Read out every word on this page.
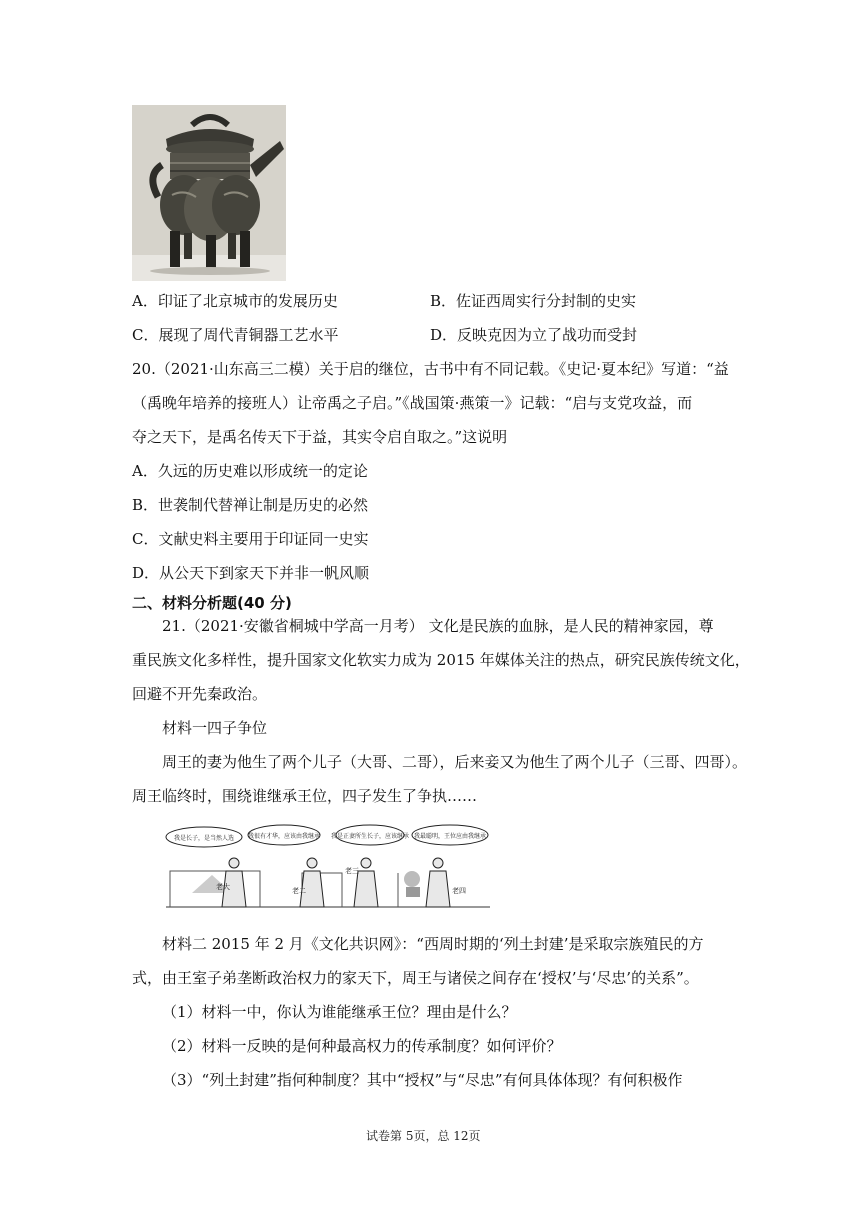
A．印证了北京城市的发展历史	B．佐证西周实行分封制的史实
C．展现了周代青铜器工艺水平	D．反映克因为立了战功而受封
20.（2021·山东高三二模）关于启的继位，古书中有不同记载。《史记·夏本纪》写道：“益
（禹晚年培养的接班人）让帝禹之子启。”《战国策·燕策一》记载：“启与支党攻益，而
夺之天下，是禹名传天下于益，其实令启自取之。”这说明
A．久远的历史难以形成统一的定论
B．世袭制代替禅让制是历史的必然
C．文献史料主要用于印证同一史实
D．从公天下到家天下并非一帆风顺
二、材料分析题(40 分)
21.（2021·安徽省桐城中学高一月考） 文化是民族的血脉，是人民的精神家园，尊
重民族文化多样性，提升国家文化软实力成为 2015 年媒体关注的热点，研究民族传统文化，
回避不开先秦政治。
材料一四子争位
周王的妻为他生了两个儿子（大哥、二哥），后来妾又为他生了两个儿子（三哥、四哥）。
周王临终时，围绕谁继承王位，四子发生了争执……
我是长子，是当然人选 我很有才华，应该由我继承 我是正妻所生长子，应该继承 我最聪明，王位应由我继承
老大	老二
老三
老四
材料二 2015 年 2 月《文化共识网》：“西周时期的‘列土封建’是采取宗族殖民的方
式，由王室子弟垄断政治权力的家天下，周王与诸侯之间存在‘授权’与‘尽忠’的关系”。
（1）材料一中，你认为谁能继承王位？理由是什么？
（2）材料一反映的是何种最高权力的传承制度？如何评价？
（3）“列土封建”指何种制度？其中“授权”与“尽忠”有何具体体现？有何积极作
试卷第 5页，总 12页
